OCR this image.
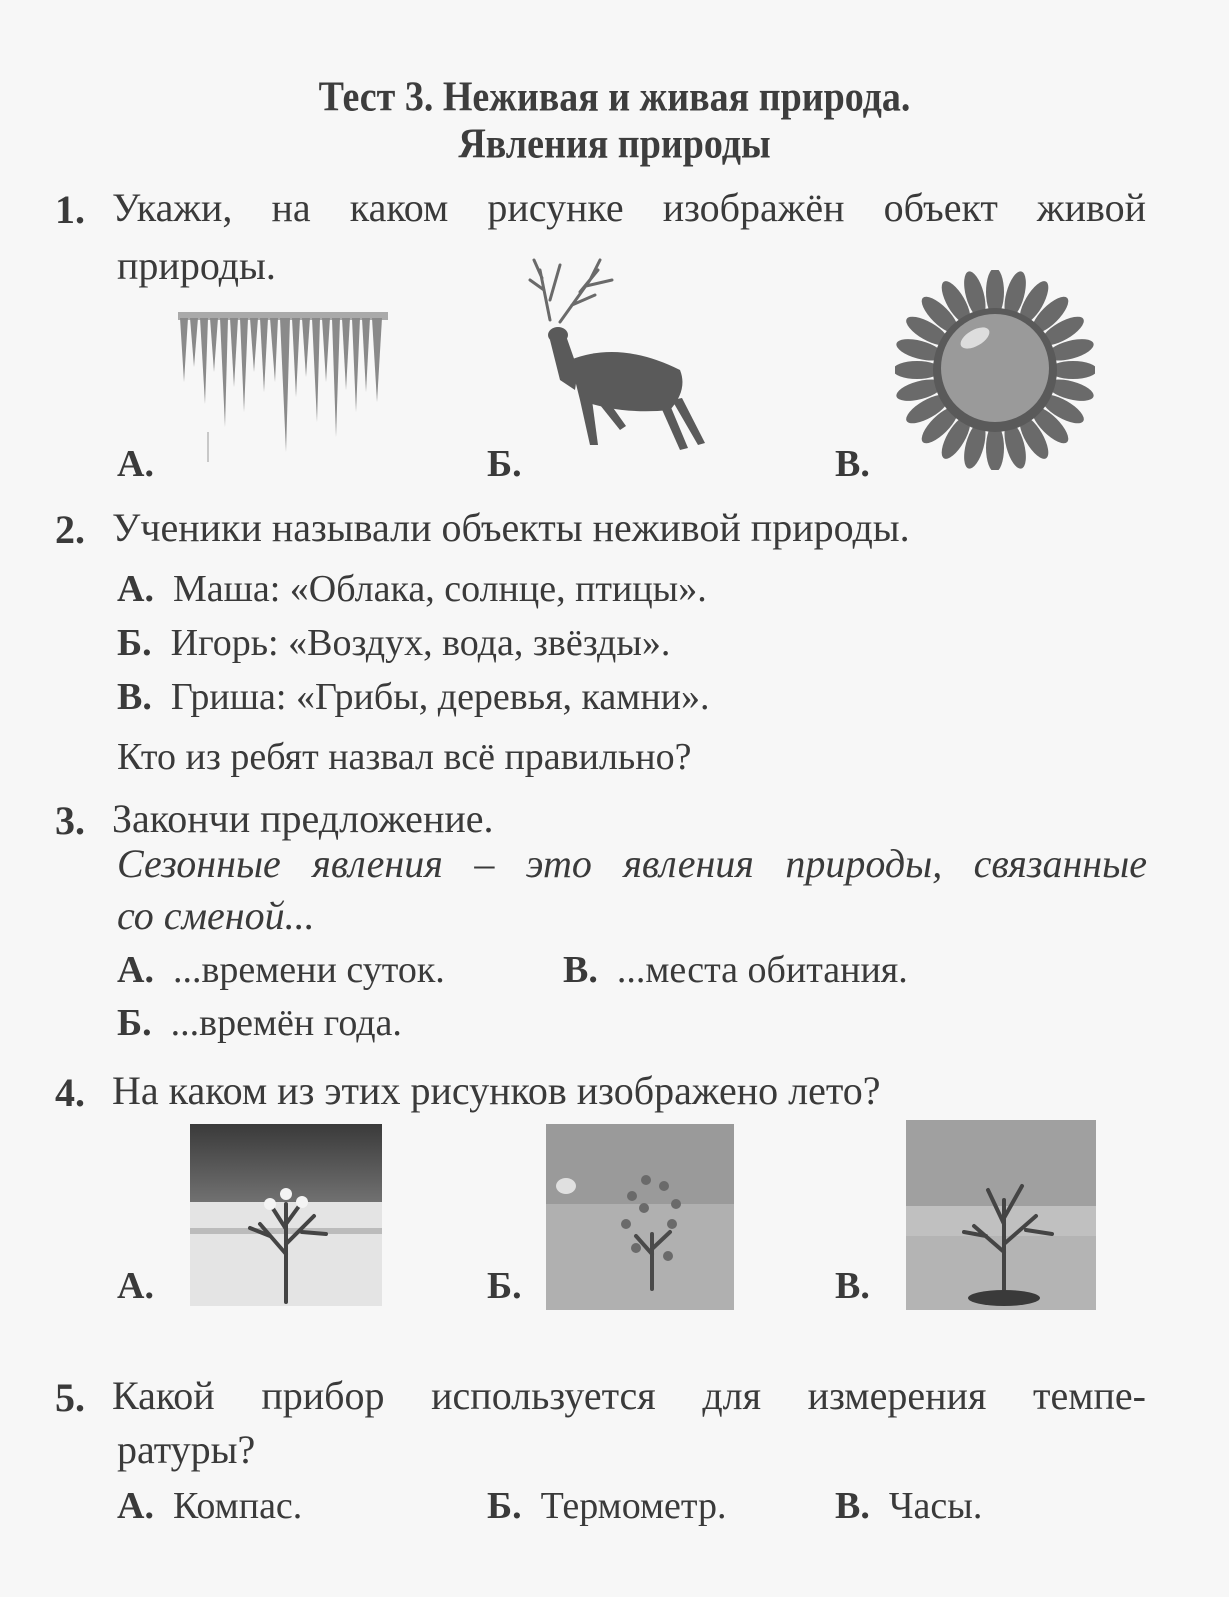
Тест 3. Неживая и живая природа.
Явления природы
1. Укажи, на каком рисунке изображён объект живой
природы.
А.	Б.	В.
2. Ученики называли объекты неживой природы.
А. Маша: «Облака, солнце, птицы».
Б. Игорь: «Воздух, вода, звёзды».
В. Гриша: «Грибы, деревья, камни».
Кто из ребят назвал всё правильно?
3. Закончи предложение.
Сезонные явления – это явления природы, связанные
со сменой...
А. ...времени суток.	В. ...места обитания.
Б. ...времён года.
4. На каком из этих рисунков изображено лето?
А.	Б.	В.
5. Какой прибор используется для измерения темпе-
ратуры?
А. Компас.	Б. Термометр.	В. Часы.
